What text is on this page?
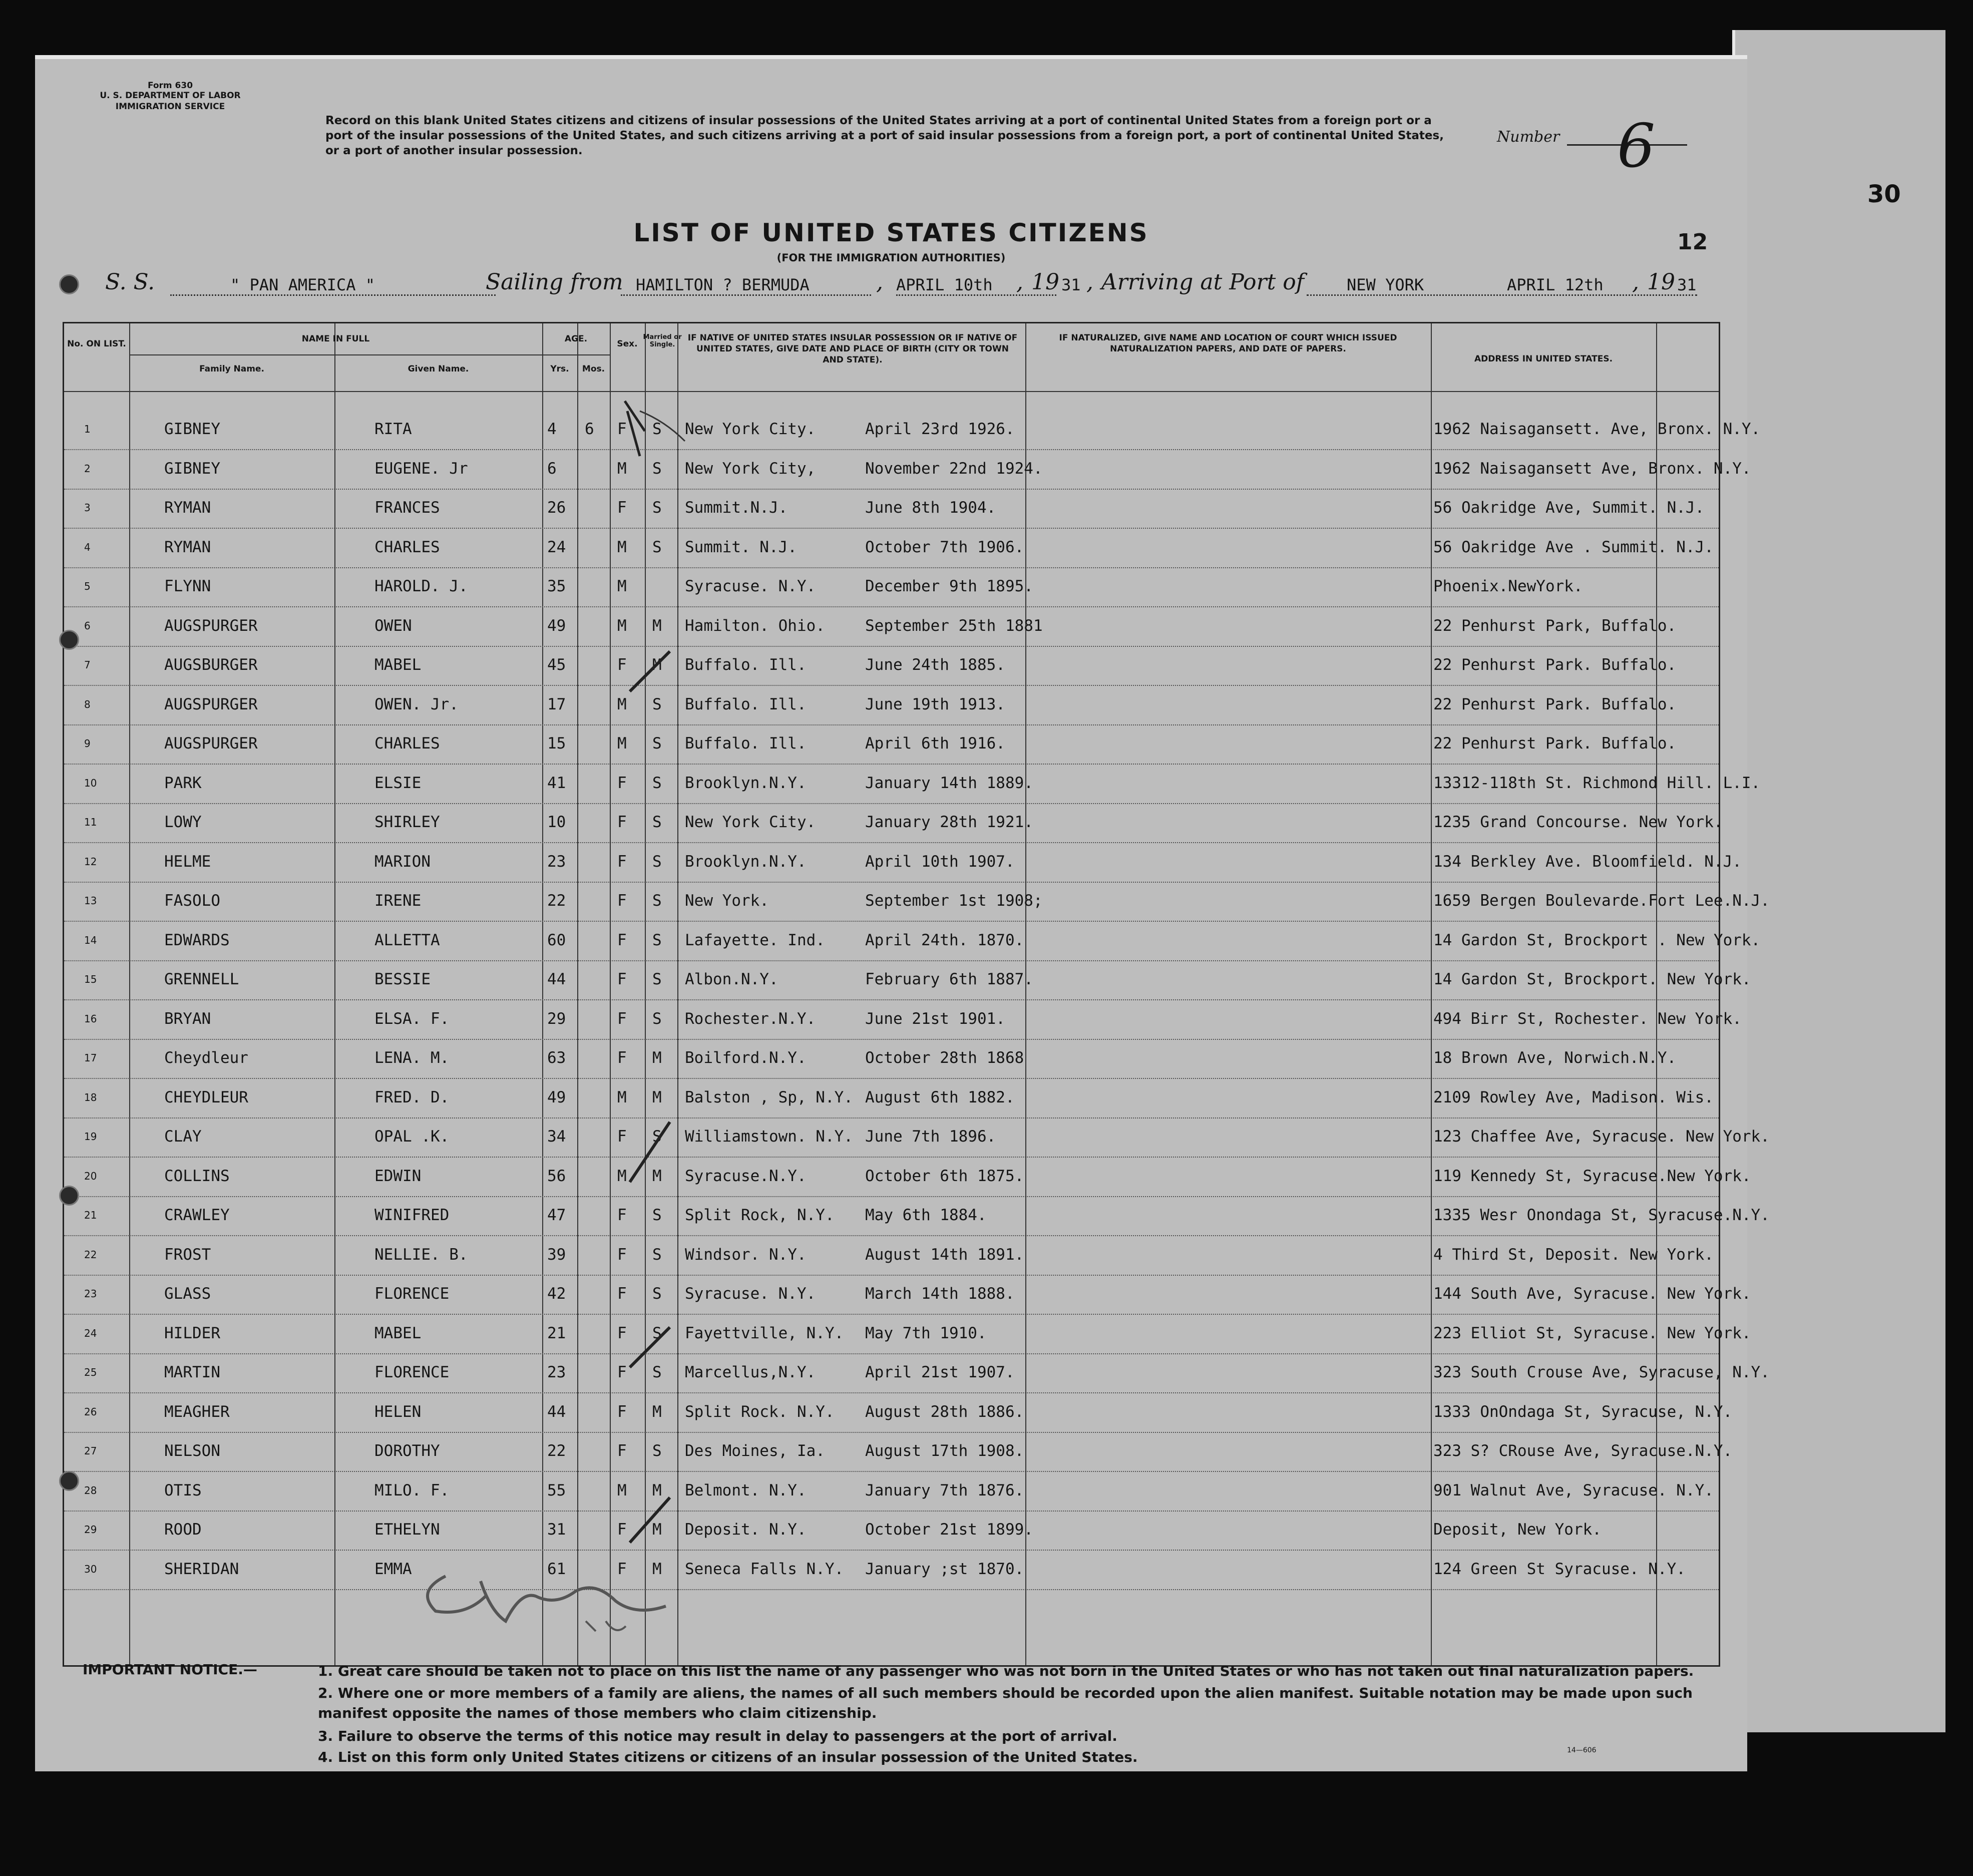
30
Form 630
U. S. DEPARTMENT OF LABOR
IMMIGRATION SERVICE
Record on this blank United States citizens and citizens of insular possessions of the United States arriving at a port of continental United States from a foreign port or a port of the insular possessions of the United States, and such citizens arriving at a port of said insular possessions from a foreign port, a port of continental United States, or a port of another insular possession.
Number 6
12
LIST OF UNITED STATES CITIZENS
(FOR THE IMMIGRATION AUTHORITIES)
S. S.	" PAN AMERICA "	Sailing from HAMILTON ? BERMUDA	, APRIL 10th , 19 31 , Arriving at Port of	NEW YORK	APRIL 12th , 19 31
No. ON LIST.	NAME IN FULL
Family Name.	Given Name.
AGE.
Yrs.	Mos.
Sex.
Married or Single.
IF NATIVE OF UNITED STATES INSULAR POSSESSION OR IF NATIVE OF UNITED STATES, GIVE DATE AND PLACE OF BIRTH (CITY OR TOWN AND STATE).
IF NATURALIZED, GIVE NAME AND LOCATION OF COURT WHICH ISSUED NATURALIZATION PAPERS, AND DATE OF PAPERS.
ADDRESS IN UNITED STATES.
1	GIBNEY	RITA	4 6 F S New York City.	April 23rd 1926.	1962 Naisagansett. Ave, Bronx. N.Y.
2	GIBNEY	EUGENE. Jr	6	M S New York City,	November 22nd 1924.	1962 Naisagansett Ave, Bronx. N.Y.
3	RYMAN	FRANCES	26	F S Summit.N.J.	June 8th 1904.	56 Oakridge Ave, Summit. N.J.
4	RYMAN	CHARLES	24	M S Summit. N.J.	October 7th 1906.	56 Oakridge Ave . Summit. N.J.
5	FLYNN	HAROLD. J.	35	M	Syracuse. N.Y.	December 9th 1895.	Phoenix.NewYork.
6	AUGSPURGER	OWEN	49	M M Hamilton. Ohio.	September 25th 1881	22 Penhurst Park, Buffalo.
7	AUGSBURGER	MABEL	45	F M Buffalo. Ill.	June 24th 1885.	22 Penhurst Park. Buffalo.
8	AUGSPURGER	OWEN. Jr.	17	M S Buffalo. Ill.	June 19th 1913.	22 Penhurst Park. Buffalo.
9	AUGSPURGER	CHARLES	15	M S Buffalo. Ill.	April 6th 1916.	22 Penhurst Park. Buffalo.
10	PARK	ELSIE	41	F S Brooklyn.N.Y.	January 14th 1889.	13312-118th St. Richmond Hill. L.I.
11	LOWY	SHIRLEY	10	F S New York City.	January 28th 1921.	1235 Grand Concourse. New York.
12	HELME	MARION	23	F S Brooklyn.N.Y.	April 10th 1907.	134 Berkley Ave. Bloomfield. N.J.
13	FASOLO	IRENE	22	F S New York.	September 1st 1908;	1659 Bergen Boulevarde.Fort Lee.N.J.
14	EDWARDS	ALLETTA	60	F S Lafayette. Ind.	April 24th. 1870.	14 Gardon St, Brockport . New York.
15	GRENNELL	BESSIE	44	F S Albon.N.Y.	February 6th 1887.	14 Gardon St, Brockport. New York.
16	BRYAN	ELSA. F.	29	F S Rochester.N.Y.	June 21st 1901.	494 Birr St, Rochester. New York.
17	Cheydleur	LENA. M.	63	F M Boilford.N.Y.	October 28th 1868	18 Brown Ave, Norwich.N.Y.
18	CHEYDLEUR	FRED. D.	49	M M Balston , Sp, N.Y. August 6th 1882.	2109 Rowley Ave, Madison. Wis.
19	CLAY	OPAL .K.	34	F S Williamstown. N.Y. June 7th 1896.	123 Chaffee Ave, Syracuse. New York.
20	COLLINS	EDWIN	56	M M Syracuse.N.Y.	October 6th 1875.	119 Kennedy St, Syracuse.New York.
21	CRAWLEY	WINIFRED	47	F S Split Rock, N.Y. May 6th 1884.	1335 Wesr Onondaga St, Syracuse.N.Y.
22	FROST	NELLIE. B.	39	F S Windsor. N.Y.	August 14th 1891.	4 Third St, Deposit. New York.
23	GLASS	FLORENCE	42	F S Syracuse. N.Y.	March 14th 1888.	144 South Ave, Syracuse. New York.
24	HILDER	MABEL	21	F S Fayettville, N.Y. May 7th 1910.	223 Elliot St, Syracuse. New York.
25	MARTIN	FLORENCE	23	F S Marcellus,N.Y.	April 21st 1907.	323 South Crouse Ave, Syracuse, N.Y.
26	MEAGHER	HELEN	44	F M Split Rock. N.Y. August 28th 1886.	1333 OnOndaga St, Syracuse, N.Y.
27	NELSON	DOROTHY	22	F S Des Moines, Ia.	August 17th 1908.	323 S? CRouse Ave, Syracuse.N.Y.
28	OTIS	MILO. F.	55	M M Belmont. N.Y.	January 7th 1876.	901 Walnut Ave, Syracuse. N.Y.
29	ROOD	ETHELYN	31	F M Deposit. N.Y.	October 21st 1899.	Deposit, New York.
30	SHERIDAN	EMMA	61	F M Seneca Falls N.Y. January ;st 1870.	124 Green St Syracuse. N.Y.
IMPORTANT NOTICE.—	1. Great care should be taken not to place on this list the name of any passenger who was not born in the United States or who has not taken out final naturalization papers.
2. Where one or more members of a family are aliens, the names of all such members should be recorded upon the alien manifest. Suitable notation may be made upon such manifest opposite the names of those members who claim citizenship.
3. Failure to observe the terms of this notice may result in delay to passengers at the port of arrival.
4. List on this form only United States citizens or citizens of an insular possession of the United States.	14—606
